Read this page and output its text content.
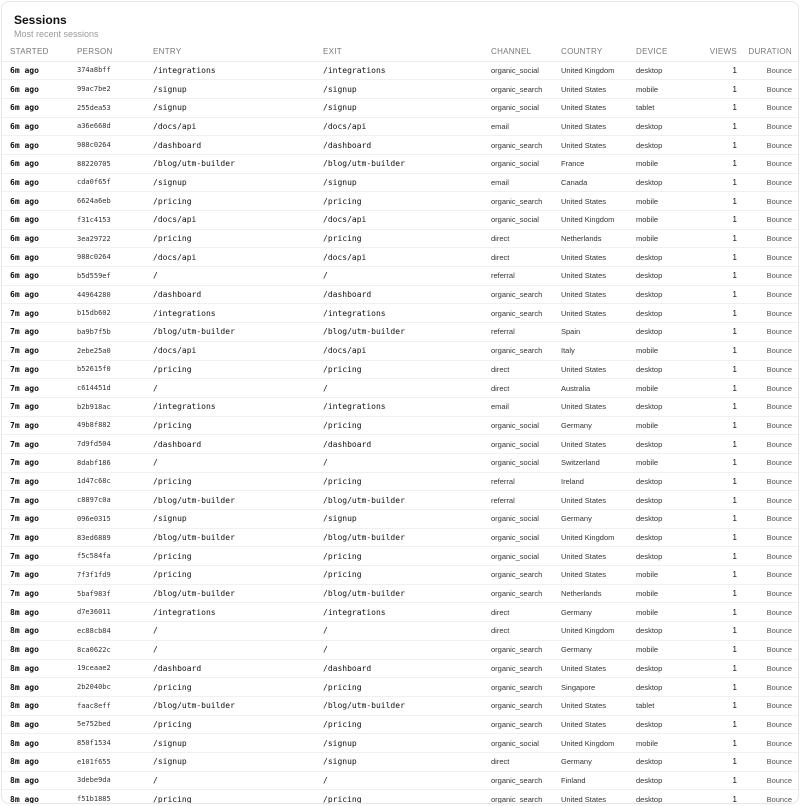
Sessions
Most recent sessions
STARTED	PERSON	ENTRY	EXIT	CHANNEL	COUNTRY	DEVICE	VIEWS	DURATION
6m ago	374a8bff	/integrations	/integrations	organic_social	United Kingdom	desktop	1	Bounce
6m ago	99ac7be2	/signup	/signup	organic_search	United States	mobile	1	Bounce
6m ago	255dea53	/signup	/signup	organic_social	United States	tablet	1	Bounce
6m ago	a36e668d	/docs/api	/docs/api	email	United States	desktop	1	Bounce
6m ago	988c0264	/dashboard	/dashboard	organic_search	United States	desktop	1	Bounce
6m ago	88220705	/blog/utm-builder	/blog/utm-builder	organic_social	France	mobile	1	Bounce
6m ago	cda0f65f	/signup	/signup	email	Canada	desktop	1	Bounce
6m ago	6624a6eb	/pricing	/pricing	organic_search	United States	mobile	1	Bounce
6m ago	f31c4153	/docs/api	/docs/api	organic_social	United Kingdom	mobile	1	Bounce
6m ago	3ea29722	/pricing	/pricing	direct	Netherlands	mobile	1	Bounce
6m ago	988c0264	/docs/api	/docs/api	direct	United States	desktop	1	Bounce
6m ago	b5d559ef	/	/	referral	United States	desktop	1	Bounce
6m ago	44964280	/dashboard	/dashboard	organic_search	United States	desktop	1	Bounce
7m ago	b15db602	/integrations	/integrations	organic_search	United States	desktop	1	Bounce
7m ago	ba9b7f5b	/blog/utm-builder	/blog/utm-builder	referral	Spain	desktop	1	Bounce
7m ago	2ebe25a0	/docs/api	/docs/api	organic_search	Italy	mobile	1	Bounce
7m ago	b52615f0	/pricing	/pricing	direct	United States	desktop	1	Bounce
7m ago	c614451d	/	/	direct	Australia	mobile	1	Bounce
7m ago	b2b918ac	/integrations	/integrations	email	United States	desktop	1	Bounce
7m ago	49b8f882	/pricing	/pricing	organic_social	Germany	mobile	1	Bounce
7m ago	7d9fd504	/dashboard	/dashboard	organic_social	United States	desktop	1	Bounce
7m ago	8dabf186	/	/	organic_social	Switzerland	mobile	1	Bounce
7m ago	1d47c68c	/pricing	/pricing	referral	Ireland	desktop	1	Bounce
7m ago	c8897c0a	/blog/utm-builder	/blog/utm-builder	referral	United States	desktop	1	Bounce
7m ago	096e0315	/signup	/signup	organic_social	Germany	desktop	1	Bounce
7m ago	83ed6889	/blog/utm-builder	/blog/utm-builder	organic_social	United Kingdom	desktop	1	Bounce
7m ago	f5c584fa	/pricing	/pricing	organic_social	United States	desktop	1	Bounce
7m ago	7f3f1fd9	/pricing	/pricing	organic_search	United States	mobile	1	Bounce
7m ago	5baf983f	/blog/utm-builder	/blog/utm-builder	organic_search	Netherlands	mobile	1	Bounce
8m ago	d7e36011	/integrations	/integrations	direct	Germany	mobile	1	Bounce
8m ago	ec88cb84	/	/	direct	United Kingdom	desktop	1	Bounce
8m ago	8ca0622c	/	/	organic_search	Germany	mobile	1	Bounce
8m ago	19ceaae2	/dashboard	/dashboard	organic_search	United States	desktop	1	Bounce
8m ago	2b2040bc	/pricing	/pricing	organic_search	Singapore	desktop	1	Bounce
8m ago	faac8eff	/blog/utm-builder	/blog/utm-builder	organic_search	United States	tablet	1	Bounce
8m ago	5e752bed	/pricing	/pricing	organic_search	United States	desktop	1	Bounce
8m ago	850f1534	/signup	/signup	organic_social	United Kingdom	mobile	1	Bounce
8m ago	e101f655	/signup	/signup	direct	Germany	desktop	1	Bounce
8m ago	3debe9da	/	/	organic_search	Finland	desktop	1	Bounce
8m ago	f51b1885	/pricing	/pricing	organic_search	United States	desktop	1	Bounce
